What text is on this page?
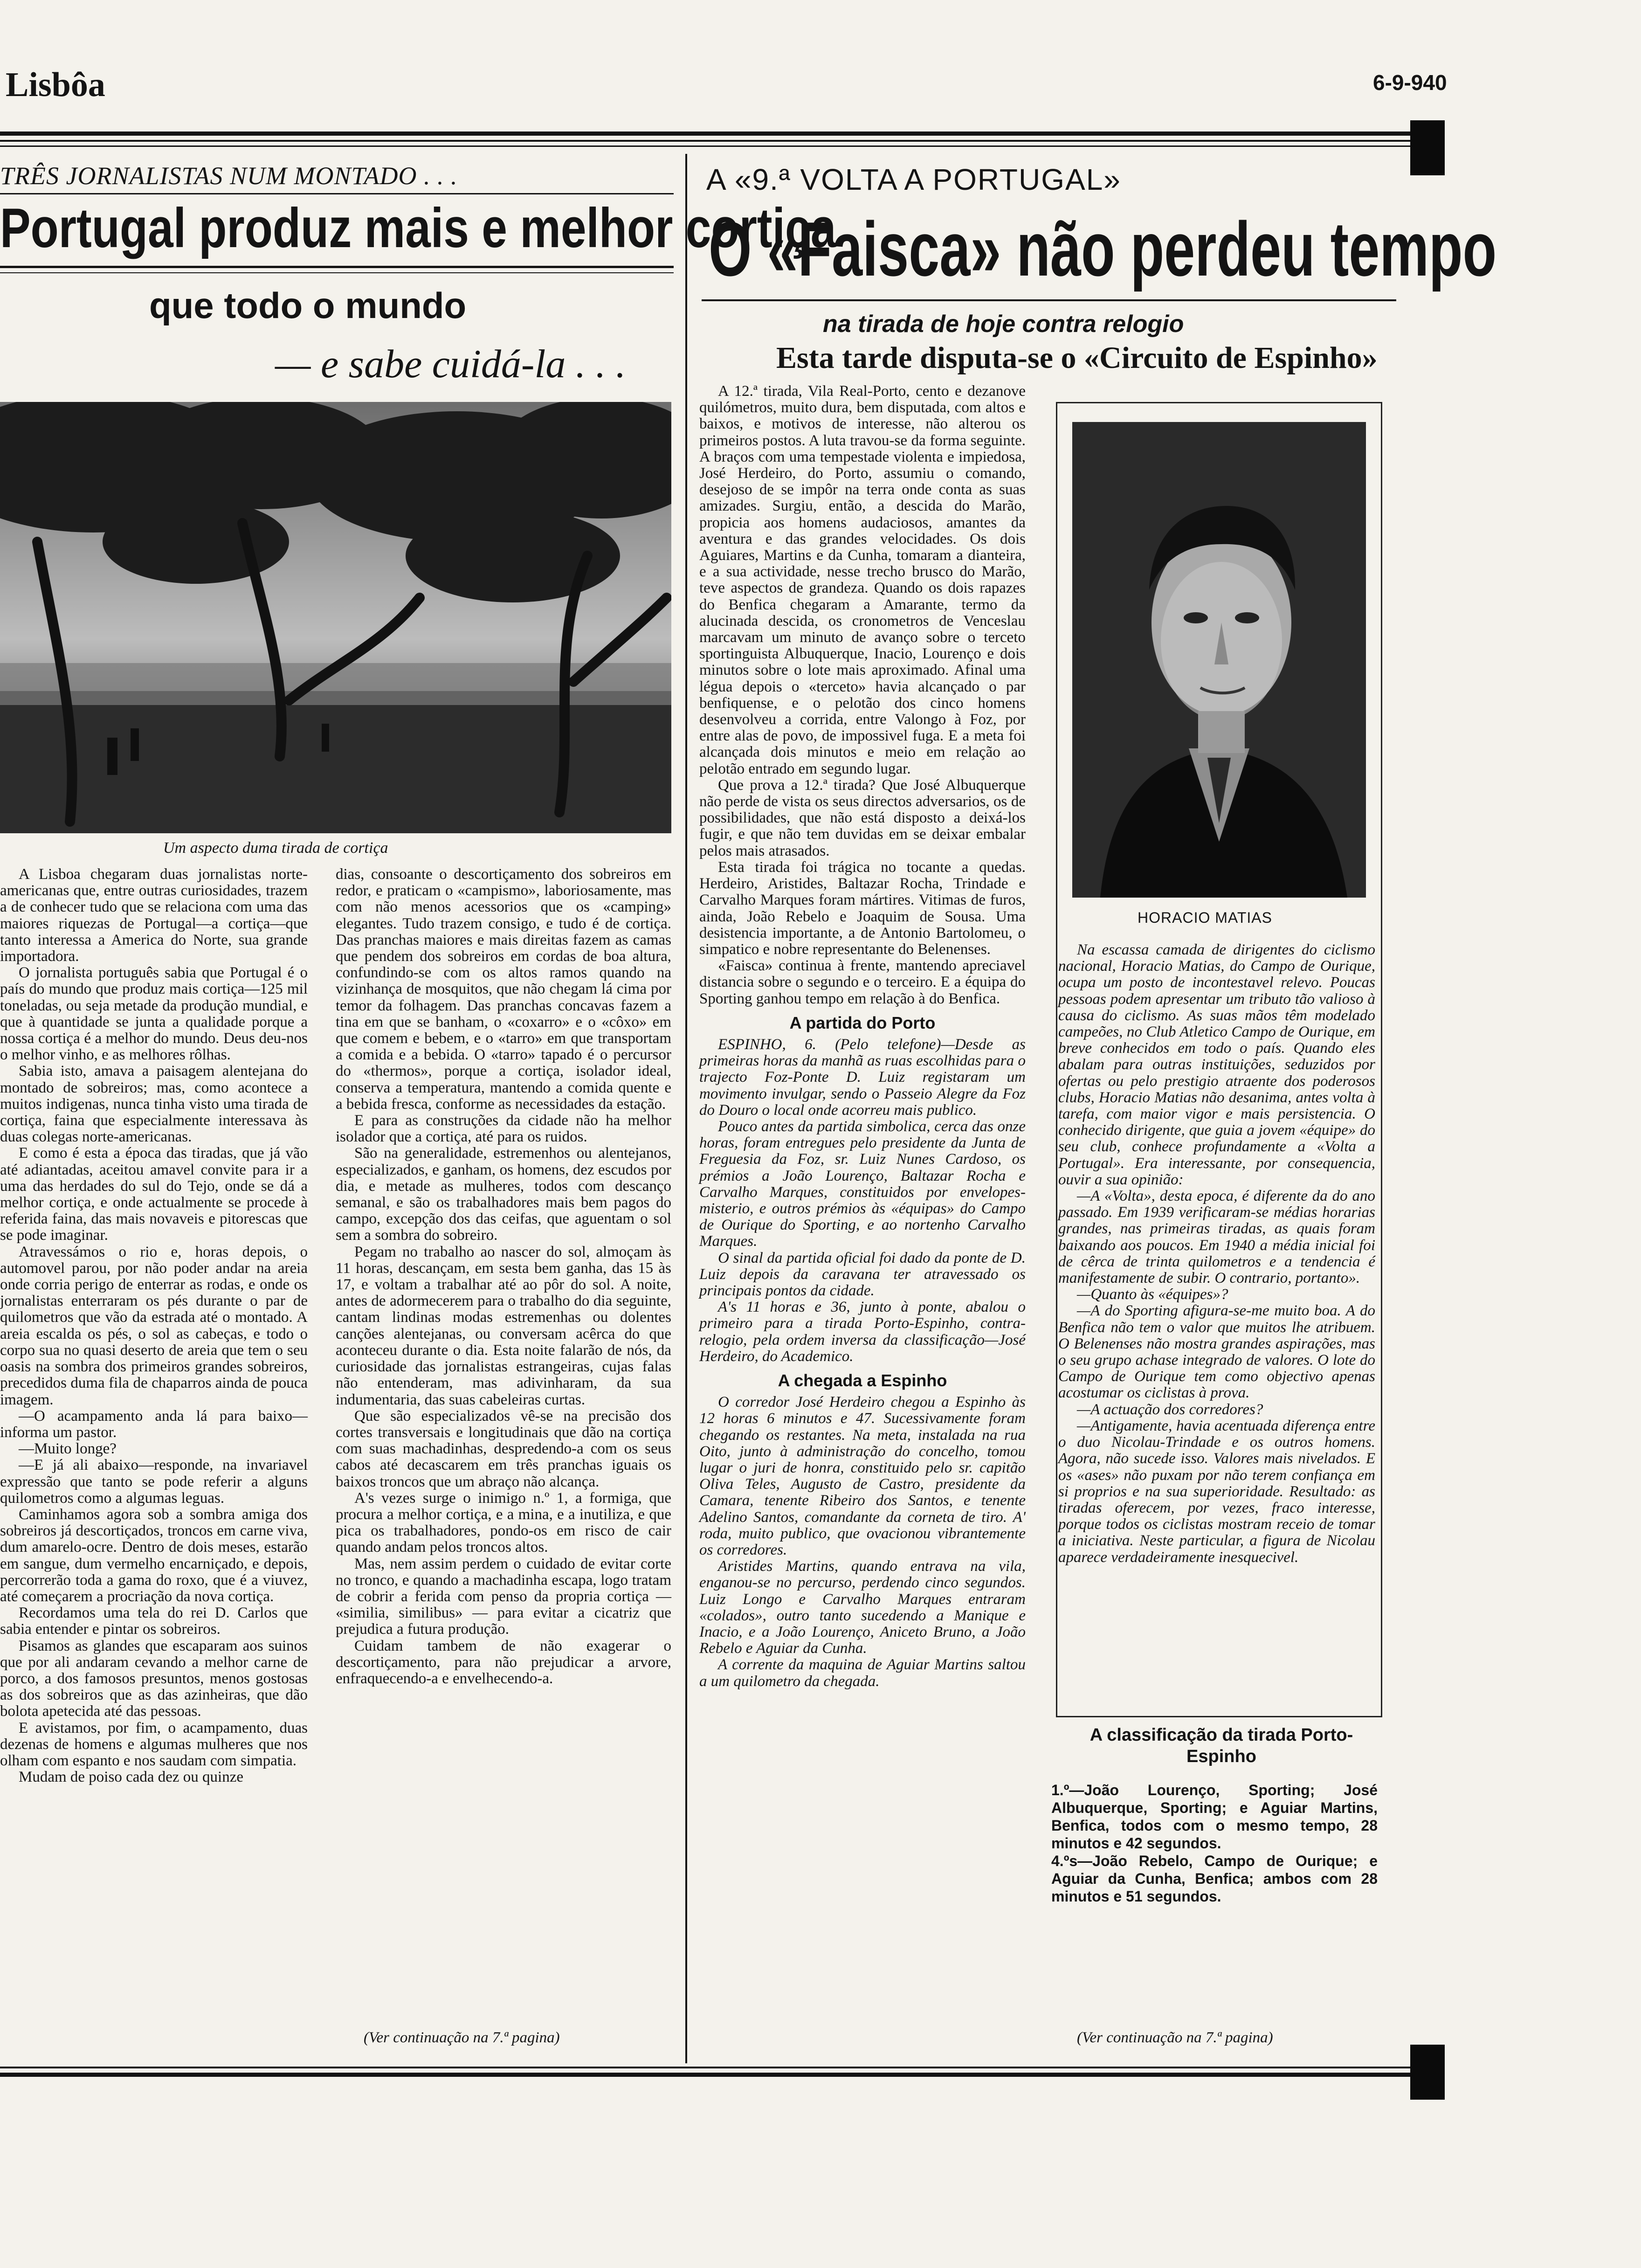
Lisbôa	6-9-940
TRÊS JORNALISTAS NUM MONTADO . . .
Portugal produz mais e melhor cortiça
que todo o mundo
— e sabe cuidá-la . . .
Um aspecto duma tirada de cortiça

A Lisboa chegaram duas jornalistas norte-americanas que, entre outras curiosidades, trazem a de conhecer tudo que se relaciona com uma das maiores riquezas de Portugal—a cortiça—que tanto interessa a America do Norte, sua grande importadora.

O jornalista português sabia que Portugal é o país do mundo que produz mais cortiça—125 mil toneladas, ou seja metade da produção mundial, e que à quantidade se junta a qualidade porque a nossa cortiça é a melhor do mundo. Deus deu-nos o melhor vinho, e as melhores rôlhas.

Sabia isto, amava a paisagem alentejana do montado de sobreiros; mas, como acontece a muitos indigenas, nunca tinha visto uma tirada de cortiça, faina que especialmente interessava às duas colegas norte-americanas.

E como é esta a época das tiradas, que já vão até adiantadas, aceitou amavel convite para ir a uma das herdades do sul do Tejo, onde se dá a melhor cortiça, e onde actualmente se procede à referida faina, das mais novaveis e pitorescas que se pode imaginar.

Atravessámos o rio e, horas depois, o automovel parou, por não poder andar na areia onde corria perigo de enterrar as rodas, e onde os jornalistas enterraram os pés durante o par de quilometros que vão da estrada até o montado. A areia escalda os pés, o sol as cabeças, e todo o corpo sua no quasi deserto de areia que tem o seu oasis na sombra dos primeiros grandes sobreiros, precedidos duma fila de chaparros ainda de pouca imagem.

—O acampamento anda lá para baixo—informa um pastor.

—Muito longe?

—E já ali abaixo—responde, na invariavel expressão que tanto se pode referir a alguns quilometros como a algumas leguas.

Caminhamos agora sob a sombra amiga dos sobreiros já descortiçados, troncos em carne viva, dum amarelo-ocre. Dentro de dois meses, estarão em sangue, dum vermelho encarniçado, e depois, percorrerão toda a gama do roxo, que é a viuvez, até começarem a procriação da nova cortiça.

Recordamos uma tela do rei D. Carlos que sabia entender e pintar os sobreiros.

Pisamos as glandes que escaparam aos suinos que por ali andaram cevando a melhor carne de porco, a dos famosos presuntos, menos gostosas as dos sobreiros que as das azinheiras, que dão bolota apetecida até das pessoas.

E avistamos, por fim, o acampamento, duas dezenas de homens e algumas mulheres que nos olham com espanto e nos saudam com simpatia.

Mudam de poiso cada dez ou quinze

dias, consoante o descortiçamento dos sobreiros em redor, e praticam o «campismo», laboriosamente, mas com não menos acessorios que os «camping» elegantes. Tudo trazem consigo, e tudo é de cortiça. Das pranchas maiores e mais direitas fazem as camas que pendem dos sobreiros em cordas de boa altura, confundindo-se com os altos ramos quando na vizinhança de mosquitos, que não chegam lá cima por temor da folhagem. Das pranchas concavas fazem a tina em que se banham, o «coxarro» e o «côxo» em que comem e bebem, e o «tarro» em que transportam a comida e a bebida. O «tarro» tapado é o percursor do «thermos», porque a cortiça, isolador ideal, conserva a temperatura, mantendo a comida quente e a bebida fresca, conforme as necessidades da estação.

E para as construções da cidade não ha melhor isolador que a cortiça, até para os ruidos.

São na generalidade, estremenhos ou alentejanos, especializados, e ganham, os homens, dez escudos por dia, e metade as mulheres, todos com descanço semanal, e são os trabalhadores mais bem pagos do campo, excepção dos das ceifas, que aguentam o sol sem a sombra do sobreiro.

Pegam no trabalho ao nascer do sol, almoçam às 11 horas, descançam, em sesta bem ganha, das 15 às 17, e voltam a trabalhar até ao pôr do sol. A noite, antes de adormecerem para o trabalho do dia seguinte, cantam lindinas modas estremenhas ou dolentes canções alentejanas, ou conversam acêrca do que aconteceu durante o dia. Esta noite falarão de nós, da curiosidade das jornalistas estrangeiras, cujas falas não entenderam, mas adivinharam, da sua indumentaria, das suas cabeleiras curtas.

Que são especializados vê-se na precisão dos cortes transversais e longitudinais que dão na cortiça com suas machadinhas, despredendo-a com os seus cabos até decascarem em três pranchas iguais os baixos troncos que um abraço não alcança.

A's vezes surge o inimigo n.º 1, a formiga, que procura a melhor cortiça, e a mina, e a inutiliza, e que pica os trabalhadores, pondo-os em risco de cair quando andam pelos troncos altos.

Mas, nem assim perdem o cuidado de evitar corte no tronco, e quando a machadinha escapa, logo tratam de cobrir a ferida com penso da propria cortiça — «similia, similibus» — para evitar a cicatriz que prejudica a futura produção.

Cuidam tambem de não exagerar o descortiçamento, para não prejudicar a arvore, enfraquecendo-a e envelhecendo-a.

(Ver continuação na 7.ª pagina)
A «9.ª VOLTA A PORTUGAL»
O «Faisca» não perdeu tempo
na tirada de hoje contra relogio
Esta tarde disputa-se o «Circuito de Espinho»

A 12.ª tirada, Vila Real-Porto, cento e dezanove quilómetros, muito dura, bem disputada, com altos e baixos, e motivos de interesse, não alterou os primeiros postos. A luta travou-se da forma seguinte. A braços com uma tempestade violenta e impiedosa, José Herdeiro, do Porto, assumiu o comando, desejoso de se impôr na terra onde conta as suas amizades. Surgiu, então, a descida do Marão, propicia aos homens audaciosos, amantes da aventura e das grandes velocidades. Os dois Aguiares, Martins e da Cunha, tomaram a dianteira, e a sua actividade, nesse trecho brusco do Marão, teve aspectos de grandeza. Quando os dois rapazes do Benfica chegaram a Amarante, termo da alucinada descida, os cronometros de Venceslau marcavam um minuto de avanço sobre o terceto sportinguista Albuquerque, Inacio, Lourenço e dois minutos sobre o lote mais aproximado. Afinal uma légua depois o «terceto» havia alcançado o par benfiquense, e o pelotão dos cinco homens desenvolveu a corrida, entre Valongo à Foz, por entre alas de povo, de impossivel fuga. E a meta foi alcançada dois minutos e meio em relação ao pelotão entrado em segundo lugar.

Que prova a 12.ª tirada? Que José Albuquerque não perde de vista os seus directos adversarios, os de possibilidades, que não está disposto a deixá-los fugir, e que não tem duvidas em se deixar embalar pelos mais atrasados.

Esta tirada foi trágica no tocante a quedas. Herdeiro, Aristides, Baltazar Rocha, Trindade e Carvalho Marques foram mártires. Vitimas de furos, ainda, João Rebelo e Joaquim de Sousa. Uma desistencia importante, a de Antonio Bartolomeu, o simpatico e nobre representante do Belenenses.

«Faisca» continua à frente, mantendo apreciavel distancia sobre o segundo e o terceiro. E a équipa do Sporting ganhou tempo em relação à do Benfica.

A partida do Porto

ESPINHO, 6. (Pelo telefone)—Desde as primeiras horas da manhã as ruas escolhidas para o trajecto Foz-Ponte D. Luiz registaram um movimento invulgar, sendo o Passeio Alegre da Foz do Douro o local onde acorreu mais publico.

Pouco antes da partida simbolica, cerca das onze horas, foram entregues pelo presidente da Junta de Freguesia da Foz, sr. Luiz Nunes Cardoso, os prémios a João Lourenço, Baltazar Rocha e Carvalho Marques, constituidos por envelopes-misterio, e outros prémios às «équipas» do Campo de Ourique do Sporting, e ao nortenho Carvalho Marques.

O sinal da partida oficial foi dado da ponte de D. Luiz depois da caravana ter atravessado os principais pontos da cidade.

A's 11 horas e 36, junto à ponte, abalou o primeiro para a tirada Porto-Espinho, contra-relogio, pela ordem inversa da classificação—José Herdeiro, do Academico.

A chegada a Espinho

O corredor José Herdeiro chegou a Espinho às 12 horas 6 minutos e 47. Sucessivamente foram chegando os restantes. Na meta, instalada na rua Oito, junto à administração do concelho, tomou lugar o juri de honra, constituido pelo sr. capitão Oliva Teles, Augusto de Castro, presidente da Camara, tenente Ribeiro dos Santos, e tenente Adelino Santos, comandante da corneta de tiro. A' roda, muito publico, que ovacionou vibrantemente os corredores.

Aristides Martins, quando entrava na vila, enganou-se no percurso, perdendo cinco segundos. Luiz Longo e Carvalho Marques entraram «colados», outro tanto sucedendo a Manique e Inacio, e a João Lourenço, Aniceto Bruno, a João Rebelo e Aguiar da Cunha.

A corrente da maquina de Aguiar Martins saltou a um quilometro da chegada.

HORACIO MATIAS

Na escassa camada de dirigentes do ciclismo nacional, Horacio Matias, do Campo de Ourique, ocupa um posto de incontestavel relevo. Poucas pessoas podem apresentar um tributo tão valioso à causa do ciclismo. As suas mãos têm modelado campeões, no Club Atletico Campo de Ourique, em breve conhecidos em todo o país. Quando eles abalam para outras instituições, seduzidos por ofertas ou pelo prestigio atraente dos poderosos clubs, Horacio Matias não desanima, antes volta à tarefa, com maior vigor e mais persistencia. O conhecido dirigente, que guia a jovem «équipe» do seu club, conhece profundamente a «Volta a Portugal». Era interessante, por consequencia, ouvir a sua opinião:

—A «Volta», desta epoca, é diferente da do ano passado. Em 1939 verificaram-se médias horarias grandes, nas primeiras tiradas, as quais foram baixando aos poucos. Em 1940 a média inicial foi de cêrca de trinta quilometros e a tendencia é manifestamente de subir. O contrario, portanto».

—Quanto às «équipes»?

—A do Sporting afigura-se-me muito boa. A do Benfica não tem o valor que muitos lhe atribuem. O Belenenses não mostra grandes aspirações, mas o seu grupo achase integrado de valores. O lote do Campo de Ourique tem como objectivo apenas acostumar os ciclistas à prova.

—A actuação dos corredores?

—Antigamente, havia acentuada diferença entre o duo Nicolau-Trindade e os outros homens. Agora, não sucede isso. Valores mais nivelados. E os «ases» não puxam por não terem confiança em si proprios e na sua superioridade. Resultado: as tiradas oferecem, por vezes, fraco interesse, porque todos os ciclistas mostram receio de tomar a iniciativa. Neste particular, a figura de Nicolau aparece verdadeiramente inesquecivel.

A classificação da tirada Porto-Espinho

1.º—João Lourenço, Sporting; José Albuquerque, Sporting; e Aguiar Martins, Benfica, todos com o mesmo tempo, 28 minutos e 42 segundos.

4.ºs—João Rebelo, Campo de Ourique; e Aguiar da Cunha, Benfica; ambos com 28 minutos e 51 segundos.

(Ver continuação na 7.ª pagina)
